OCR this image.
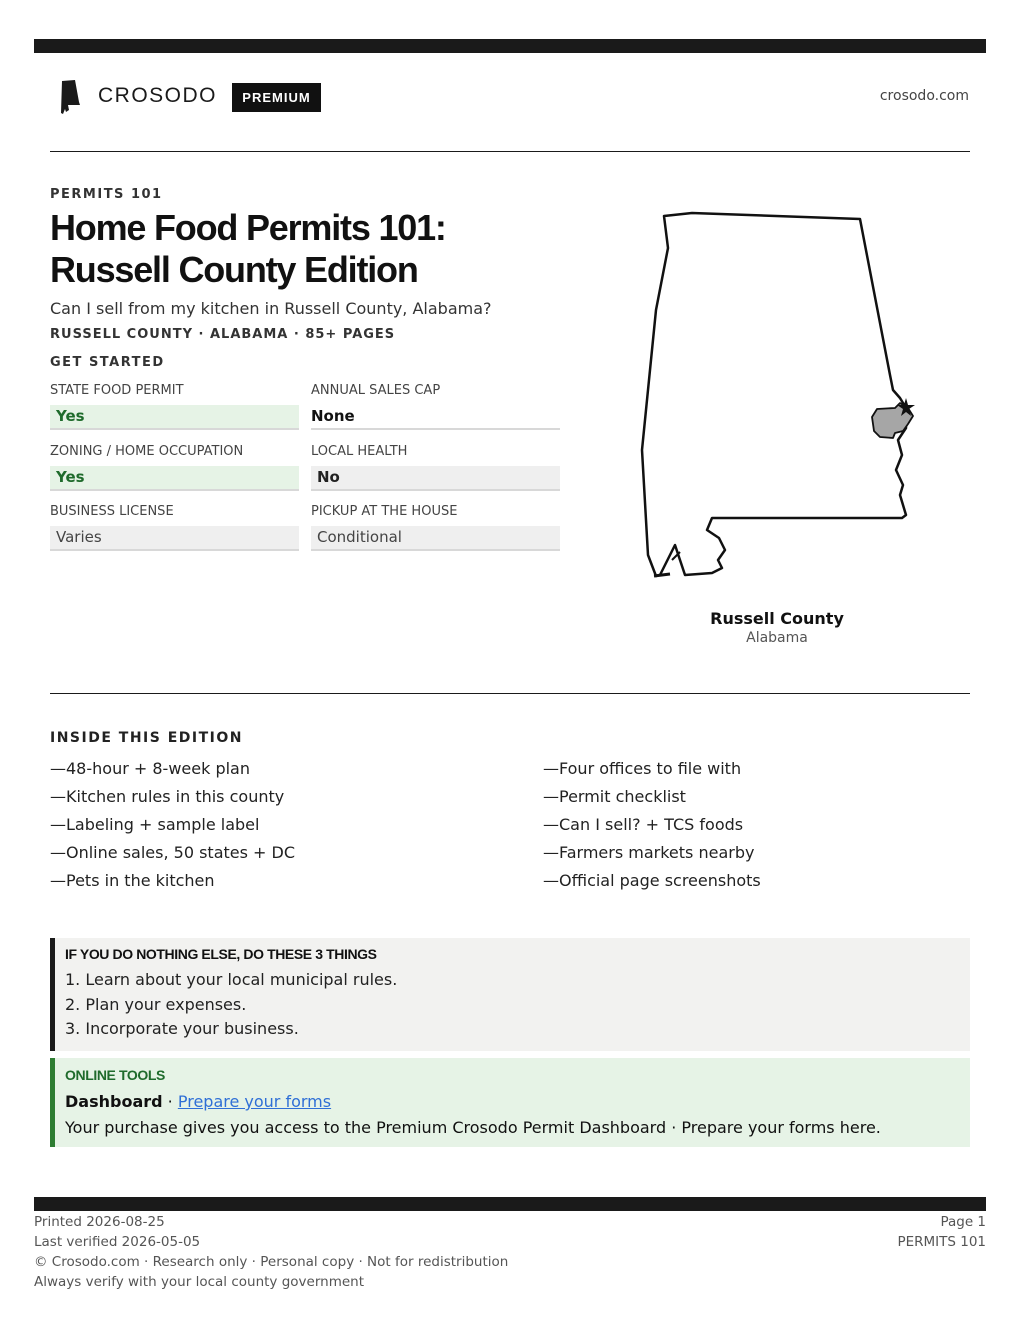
CROSODO	PREMIUM	crosodo.com
PERMITS 101
Home Food Permits 101: Russell County Edition
Can I sell from my kitchen in Russell County, Alabama?
RUSSELL COUNTY · ALABAMA · 85+ PAGES
GET STARTED
STATE FOOD PERMIT
Yes
ANNUAL SALES CAP
None
ZONING / HOME OCCUPATION
Yes
LOCAL HEALTH
No
BUSINESS LICENSE
Varies
PICKUP AT THE HOUSE
Conditional
Russell County
Alabama
INSIDE THIS EDITION
—48-hour + 8-week plan
—Kitchen rules in this county
—Labeling + sample label
—Online sales, 50 states + DC
—Pets in the kitchen
—Four offices to file with
—Permit checklist
—Can I sell? + TCS foods
—Farmers markets nearby
—Official page screenshots
IF YOU DO NOTHING ELSE, DO THESE 3 THINGS
1. Learn about your local municipal rules.
2. Plan your expenses.
3. Incorporate your business.
ONLINE TOOLS
Dashboard · Prepare your forms
Your purchase gives you access to the Premium Crosodo Permit Dashboard · Prepare your forms here.
Printed 2026-08-25
Last verified 2026-05-05
© Crosodo.com · Research only · Personal copy · Not for redistribution
Always verify with your local county government
Page 1
PERMITS 101
